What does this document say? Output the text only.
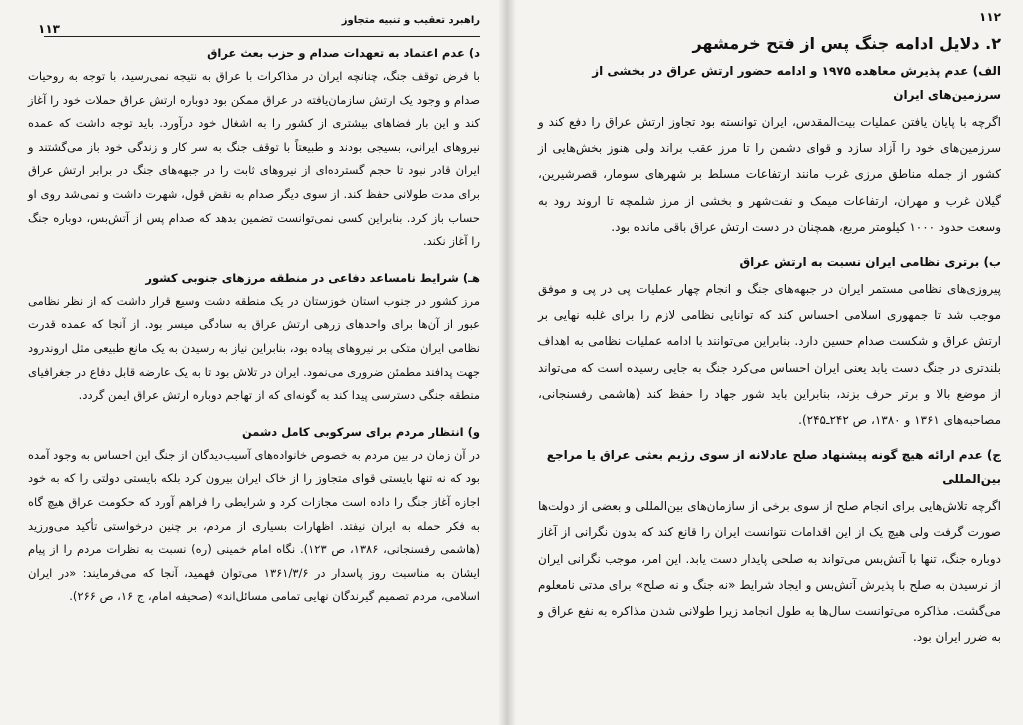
راهبرد تعقیب و تنبیه متجاوز
۱۱۳

د) عدم اعتماد به تعهدات صدام و حزب بعث عراق

با فرض توقف جنگ، چنانچه ایران در مذاکرات با عراق به نتیجه نمی‌رسید، با توجه به روحیات صدام و وجود یک ارتش سازمان‌یافته در عراق ممکن بود دوباره ارتش عراق حملات خود را آغاز کند و این بار فضاهای بیشتری از کشور را به اشغال خود درآورد. باید توجه داشت که عمده نیروهای ایرانی، بسیجی بودند و طبیعتاً با توقف جنگ به سر کار و زندگی خود باز می‌گشتند و ایران قادر نبود تا حجم گسترده‌ای از نیروهای ثابت را در جبهه‌های جنگ در برابر ارتش عراق برای مدت طولانی حفظ کند. از سوی دیگر صدام به نقض قول، شهرت داشت و نمی‌شد روی او حساب باز کرد. بنابراین کسی نمی‌توانست تضمین بدهد که صدام پس از آتش‌بس، دوباره جنگ را آغاز نکند.

هـ) شرایط نامساعد دفاعی در منطقه مرزهای جنوبی کشور

مرز کشور در جنوب استان خوزستان در یک منطقه دشت وسیع قرار داشت که از نظر نظامی عبور از آن‌ها برای واحدهای زرهی ارتش عراق به سادگی میسر بود. از آنجا که عمده قدرت نظامی ایران متکی بر نیروهای پیاده بود، بنابراین نیاز به رسیدن به یک مانع طبیعی مثل اروندرود جهت پدافند مطمئن ضروری می‌نمود. ایران در تلاش بود تا به یک عارضه قابل دفاع در جغرافیای منطقه جنگی دسترسی پیدا کند به گونه‌ای که از تهاجم دوباره ارتش عراق ایمن گردد.

و) انتظار مردم برای سرکوبی کامل دشمن

در آن زمان در بین مردم به خصوص خانواده‌های آسیب‌دیدگان از جنگ این احساس به وجود آمده بود که نه تنها بایستی قوای متجاوز را از خاک ایران بیرون کرد بلکه بایستی دولتی را که به خود اجازه آغاز جنگ را داده است مجازات کرد و شرایطی را فراهم آورد که حکومت عراق هیچ گاه به فکر حمله به ایران نیفتد. اظهارات بسیاری از مردم، بر چنین درخواستی تأکید می‌ورزید (هاشمی رفسنجانی، ۱۳۸۶، ص ۱۲۳). نگاه امام خمینی (ره) نسبت به نظرات مردم را از پیام ایشان به مناسبت روز پاسدار در ۱۳۶۱/۳/۶ می‌توان فهمید، آنجا که می‌فرمایند: «در ایران اسلامی، مردم تصمیم گیرندگان نهایی تمامی مسائل‌اند» (صحیفه امام، ج ۱۶، ص ۲۶۶).

۱۱۲

۲. دلایل ادامه جنگ پس از فتح خرمشهر

الف) عدم پذیرش معاهده ۱۹۷۵ و ادامه حضور ارتش عراق در بخشی از سرزمین‌های ایران

اگرچه با پایان یافتن عملیات بیت‌المقدس، ایران توانسته بود تجاوز ارتش عراق را دفع کند و سرزمین‌های خود را آزاد سازد و قوای دشمن را تا مرز عقب براند ولی هنوز بخش‌هایی از کشور از جمله مناطق مرزی غرب مانند ارتفاعات مسلط بر شهرهای سومار، قصرشیرین، گیلان غرب و مهران، ارتفاعات میمک و نفت‌شهر و بخشی از مرز شلمچه تا اروند رود به وسعت حدود ۱۰۰۰ کیلومتر مربع، همچنان در دست ارتش عراق باقی مانده بود.

ب) برتری نظامی ایران نسبت به ارتش عراق

پیروزی‌های نظامی مستمر ایران در جبهه‌های جنگ و انجام چهار عملیات پی در پی و موفق موجب شد تا جمهوری اسلامی احساس کند که توانایی نظامی لازم را برای غلبه نهایی بر ارتش عراق و شکست صدام حسین دارد. بنابراین می‌توانند با ادامه عملیات نظامی به اهداف بلندتری در جنگ دست یابد یعنی ایران احساس می‌کرد جنگ به جایی رسیده است که می‌تواند از موضع بالا و برتر حرف بزند، بنابراین باید شور جهاد را حفظ کند (هاشمی رفسنجانی، مصاحبه‌های ۱۳۶۱ و ۱۳۸۰، ص ۲۴۲ـ۲۴۵).

ج) عدم ارائه هیچ گونه پیشنهاد صلح عادلانه از سوی رژیم بعثی عراق یا مراجع بین‌المللی

اگرچه تلاش‌هایی برای انجام صلح از سوی برخی از سازمان‌های بین‌المللی و بعضی از دولت‌ها صورت گرفت ولی هیچ یک از این اقدامات نتوانست ایران را قانع کند که بدون نگرانی از آغاز دوباره جنگ، تنها با آتش‌بس می‌تواند به صلحی پایدار دست یابد. این امر، موجب نگرانی ایران از نرسیدن به صلح با پذیرش آتش‌بس و ایجاد شرایط «نه جنگ و نه صلح» برای مدتی نامعلوم می‌گشت. مذاکره می‌توانست سال‌ها به طول انجامد زیرا طولانی شدن مذاکره به نفع عراق و به ضرر ایران بود.
